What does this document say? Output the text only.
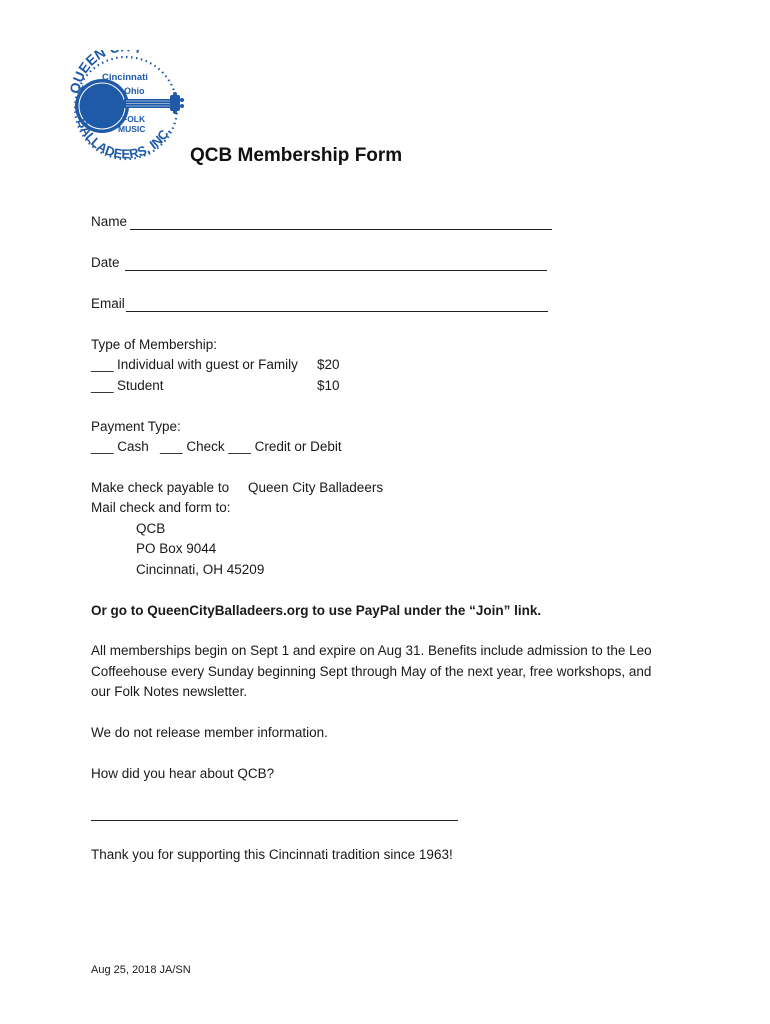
QUEEN
BALLADEERS, INC.
Cincinnati
Ohio
FOLK
MUSIC
QCB Membership Form
Name
Date
Email
Type of Membership:
___ Individual with guest or Family $20
___ Student	$10
Payment Type:
___ Cash   ___ Check ___ Credit or Debit
Make check payable to Queen City Balladeers
Mail check and form to:
QCB
PO Box 9044
Cincinnati, OH 45209
Or go to QueenCityBalladeers.org to use PayPal under the “Join” link.
All memberships begin on Sept 1 and expire on Aug 31. Benefits include admission to the Leo
Coffeehouse every Sunday beginning Sept through May of the next year, free workshops, and
our Folk Notes newsletter.
We do not release member information.
How did you hear about QCB?
Thank you for supporting this Cincinnati tradition since 1963!
Aug 25, 2018 JA/SN
